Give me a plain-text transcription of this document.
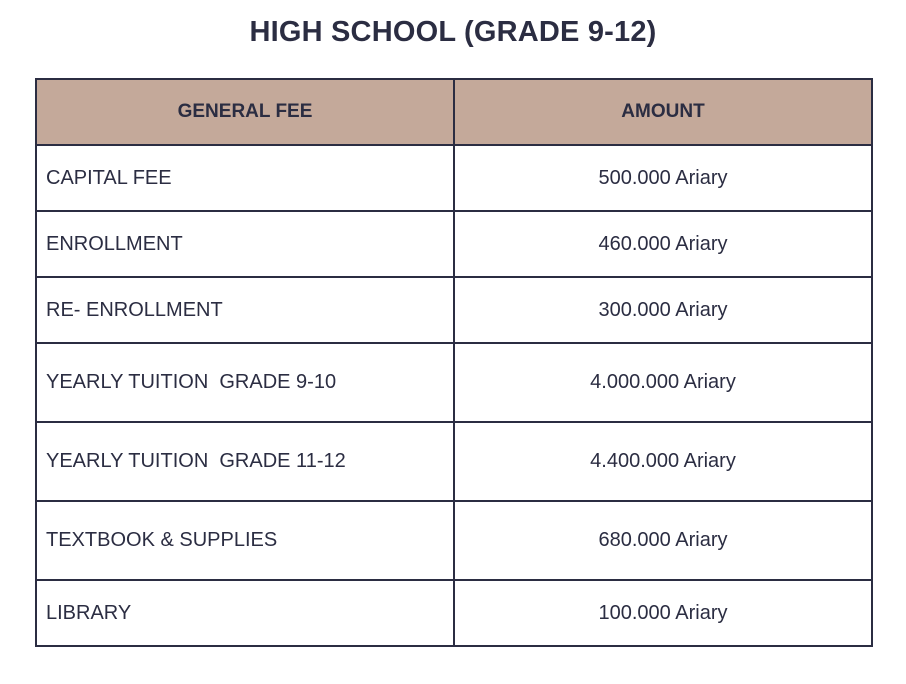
HIGH SCHOOL (GRADE 9-12)
GENERAL FEE	AMOUNT
CAPITAL FEE	500.000 Ariary
ENROLLMENT	460.000 Ariary
RE- ENROLLMENT	300.000 Ariary
YEARLY TUITION  GRADE 9-10	4.000.000 Ariary
YEARLY TUITION  GRADE 11-12	4.400.000 Ariary
TEXTBOOK & SUPPLIES	680.000 Ariary
LIBRARY	100.000 Ariary
